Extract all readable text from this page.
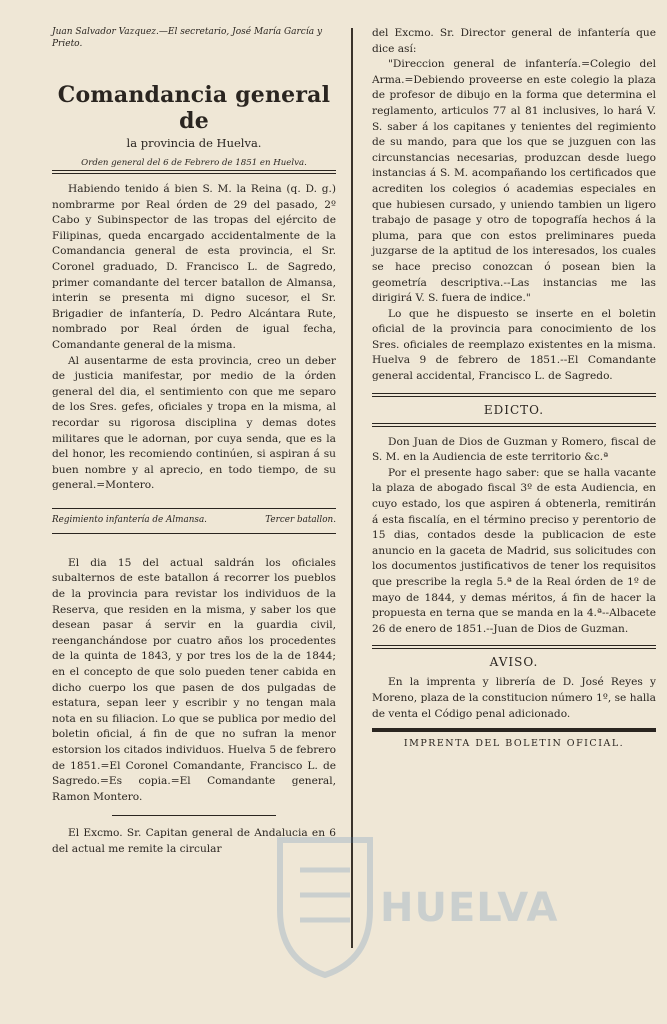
Juan Salvador Vazquez.—El secretario, José María García y Prieto.

Comandancia general de

la provincia de Huelva.

Orden general del 6 de Febrero de 1851 en Huelva.

Habiendo tenido á bien S. M. la Reina (q. D. g.) nombrarme por Real órden de 29 del pasado, 2º Cabo y Subinspector de las tropas del ejército de Filipinas, queda encargado accidentalmente de la Comandancia general de esta provincia, el Sr. Coronel graduado, D. Francisco L. de Sagredo, primer comandante del tercer batallon de Almansa, interin se presenta mi digno sucesor, el Sr. Brigadier de infantería, D. Pedro Alcántara Rute, nombrado por Real órden de igual fecha, Comandante general de la misma.

Al ausentarme de esta provincia, creo un deber de justicia manifestar, por medio de la órden general del dia, el sentimiento con que me separo de los Sres. gefes, oficiales y tropa en la misma, al recordar su rigorosa disciplina y demas dotes militares que le adornan, por cuya senda, que es la del honor, les recomiendo continúen, si aspiran á su buen nombre y al aprecio, en todo tiempo, de su general.=Montero.

Regimiento infantería de Almansa.	Tercer batallon.

El dia 15 del actual saldrán los oficiales subalternos de este batallon á recorrer los pueblos de la provincia para revistar los individuos de la Reserva, que residen en la misma, y saber los que desean pasar á servir en la guardia civil, reenganchándose por cuatro años los procedentes de la quinta de 1843, y por tres los de la de 1844; en el concepto de que solo pueden tener cabida en dicho cuerpo los que pasen de dos pulgadas de estatura, sepan leer y escribir y no tengan mala nota en su filiacion. Lo que se publica por medio del boletin oficial, á fin de que no sufran la menor estorsion los citados individuos. Huelva 5 de febrero de 1851.=El Coronel Comandante, Francisco L. de Sagredo.=Es copia.=El Comandante general, Ramon Montero.

El Excmo. Sr. Capitan general de Andalucia en 6 del actual me remite la circular

del Excmo. Sr. Director general de infantería que dice así:

"Direccion general de infantería.=Colegio del Arma.=Debiendo proveerse en este colegio la plaza de profesor de dibujo en la forma que determina el reglamento, articulos 77 al 81 inclusives, lo hará V. S. saber á los capitanes y tenientes del regimiento de su mando, para que los que se juzguen con las circunstancias necesarias, produzcan desde luego instancias á S. M. acompañando los certificados que acrediten los colegios ó academias especiales en que hubiesen cursado, y uniendo tambien un ligero trabajo de pasage y otro de topografía hechos á la pluma, para que con estos preliminares pueda juzgarse de la aptitud de los interesados, los cuales se hace preciso conozcan ó posean bien la geometría descriptiva.--Las instancias me las dirigirá V. S. fuera de indice."

Lo que he dispuesto se inserte en el boletin oficial de la provincia para conocimiento de los Sres. oficiales de reemplazo existentes en la misma. Huelva 9 de febrero de 1851.--El Comandante general accidental, Francisco L. de Sagredo.

EDICTO.

Don Juan de Dios de Guzman y Romero, fiscal de S. M. en la Audiencia de este territorio &c.ª

Por el presente hago saber: que se halla vacante la plaza de abogado fiscal 3º de esta Audiencia, en cuyo estado, los que aspiren á obtenerla, remitirán á esta fiscalía, en el término preciso y perentorio de 15 dias, contados desde la publicacion de este anuncio en la gaceta de Madrid, sus solicitudes con los documentos justificativos de tener los requisitos que prescribe la regla 5.ª de la Real órden de 1º de mayo de 1844, y demas méritos, á fin de hacer la propuesta en terna que se manda en la 4.ª--Albacete 26 de enero de 1851.--Juan de Dios de Guzman.

AVISO.

En la imprenta y librería de D. José Reyes y Moreno, plaza de la constitucion número 1º, se halla de venta el Código penal adicionado.

IMPRENTA DEL BOLETIN OFICIAL.

HUELVA
